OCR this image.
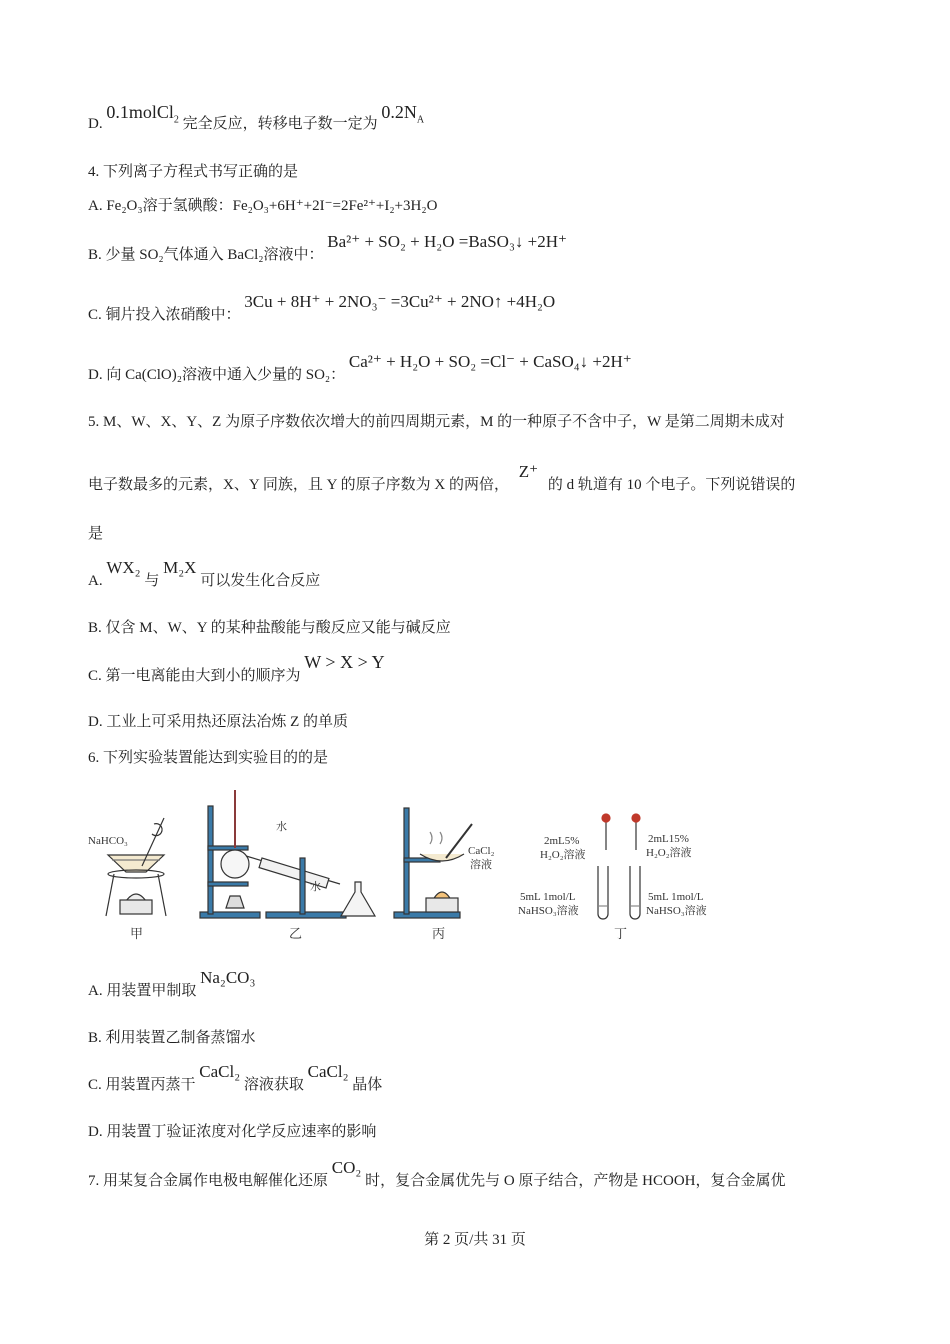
D. 0.1molCl$_2$ 完全反应，转移电子数一定为 $0.2N_A$
4. 下列离子方程式书写正确的是
A. Fe₂O₃溶于氢碘酸：Fe₂O₃+6H⁺+2I⁻=2Fe²⁺+I₂+3H₂O
B. 少量 SO₂气体通入 BaCl₂溶液中： Ba²⁺ + SO₂ + H₂O =BaSO₃↓ +2H⁺
C. 铜片投入浓硝酸中： 3Cu + 8H⁺ + 2NO₃⁻ =3Cu²⁺ + 2NO↑ +4H₂O
D. 向 Ca(ClO)₂溶液中通入少量的 SO₂： Ca²⁺ + H₂O + SO₂ =Cl⁻ + CaSO₄↓ +2H⁺
5. M、W、X、Y、Z 为原子序数依次增大的前四周期元素，M 的一种原子不含中子，W 是第二周期未成对
电子数最多的元素，X、Y 同族，且 Y 的原子序数为 X 的两倍， Z⁺ 的 d 轨道有 10 个电子。下列说错误的
是
A. WX₂ 与 M₂X 可以发生化合反应
B. 仅含 M、W、Y 的某种盐酸能与酸反应又能与碱反应
C. 第一电离能由大到小的顺序为 W > X > Y
D. 工业上可采用热还原法冶炼 Z 的单质
6. 下列实验装置能达到实验目的的是
NaHCO₃
甲
水
水
乙
CaCl₂
溶液
丙
2mL5%
H₂O₂溶液
2mL15%
H₂O₂溶液
5mL 1mol/L
NaHSO₃溶液
5mL 1mol/L
NaHSO₃溶液
丁
A. 用装置甲制取 Na₂CO₃
B. 利用装置乙制备蒸馏水
C. 用装置丙蒸干 CaCl₂ 溶液获取 CaCl₂ 晶体
D. 用装置丁验证浓度对化学反应速率的影响
7. 用某复合金属作电极电解催化还原 CO₂ 时，复合金属优先与 O 原子结合，产物是 HCOOH，复合金属优
第 2 页/共 31 页
